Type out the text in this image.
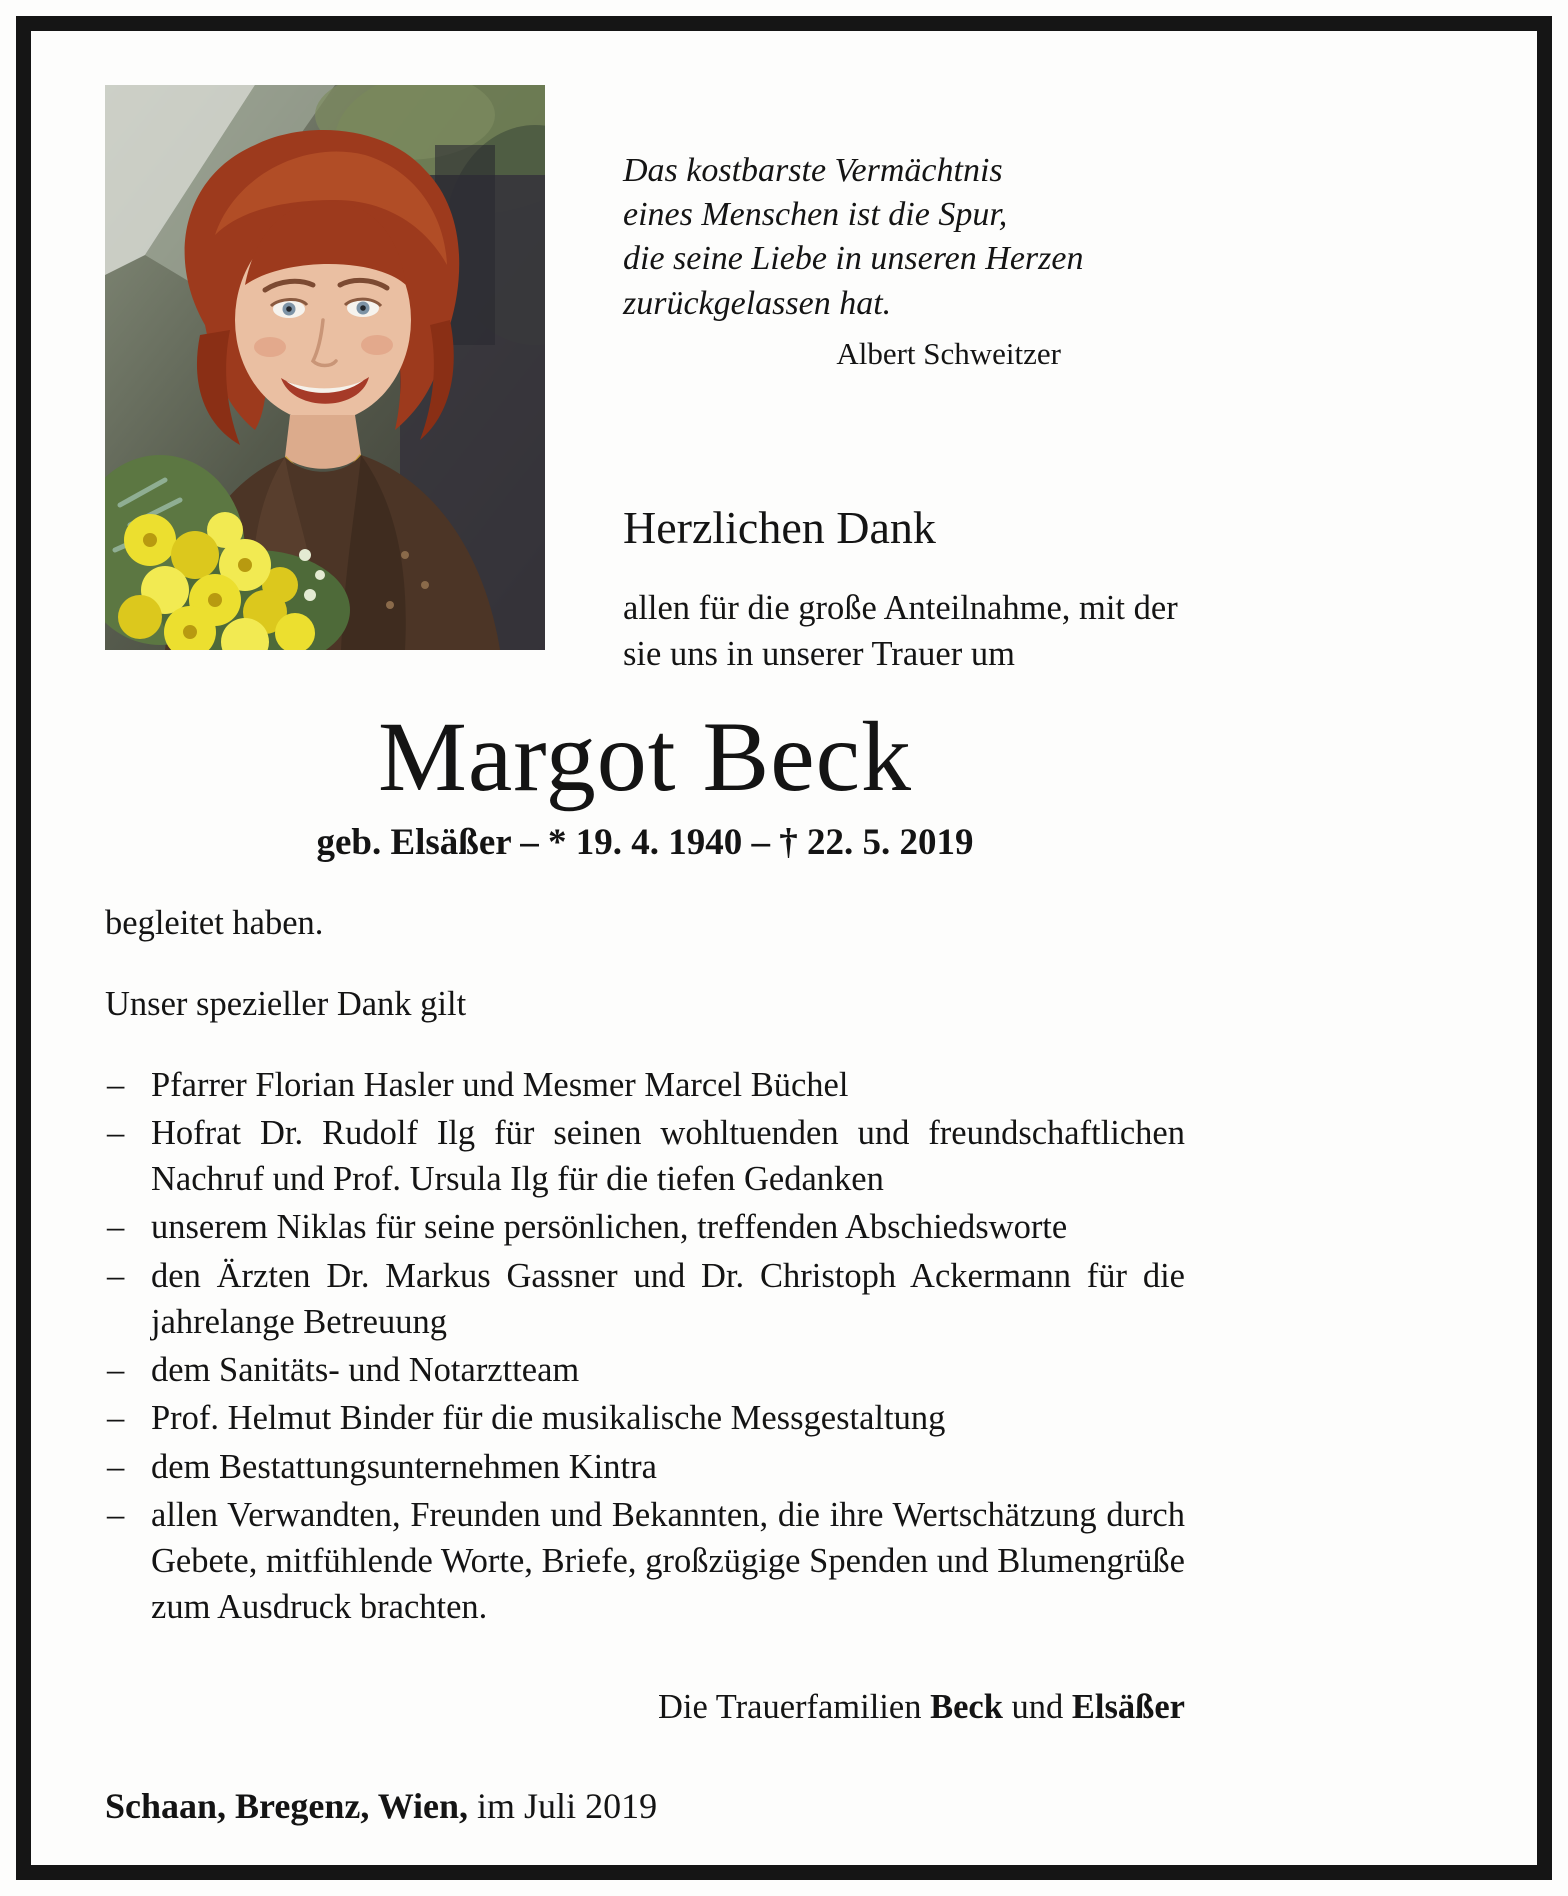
Das kostbarste Vermächtnis
eines Menschen ist die Spur,
die seine Liebe in unseren Herzen
zurückgelassen hat.
Albert Schweitzer
Herzlichen Dank
allen für die große Anteilnahme, mit der
sie uns in unserer Trauer um
Margot Beck
geb. Elsäßer – * 19. 4. 1940 – † 22. 5. 2019

begleitet haben.

Unser spezieller Dank gilt

– Pfarrer Florian Hasler und Mesmer Marcel Büchel
– Hofrat Dr. Rudolf Ilg für seinen wohltuenden und freundschaftlichen Nachruf und Prof. Ursula Ilg für die tiefen Gedanken
– unserem Niklas für seine persönlichen, treffenden Abschiedsworte
– den Ärzten Dr. Markus Gassner und Dr. Christoph Ackermann für die jahrelange Betreuung
– dem Sanitäts- und Notarztteam
– Prof. Helmut Binder für die musikalische Messgestaltung
– dem Bestattungsunternehmen Kintra
– allen Verwandten, Freunden und Bekannten, die ihre Wertschätzung durch Gebete, mitfühlende Worte, Briefe, großzügige Spenden und Blumengrüße zum Ausdruck brachten.
Die Trauerfamilien Beck und Elsäßer
Schaan, Bregenz, Wien, im Juli 2019
